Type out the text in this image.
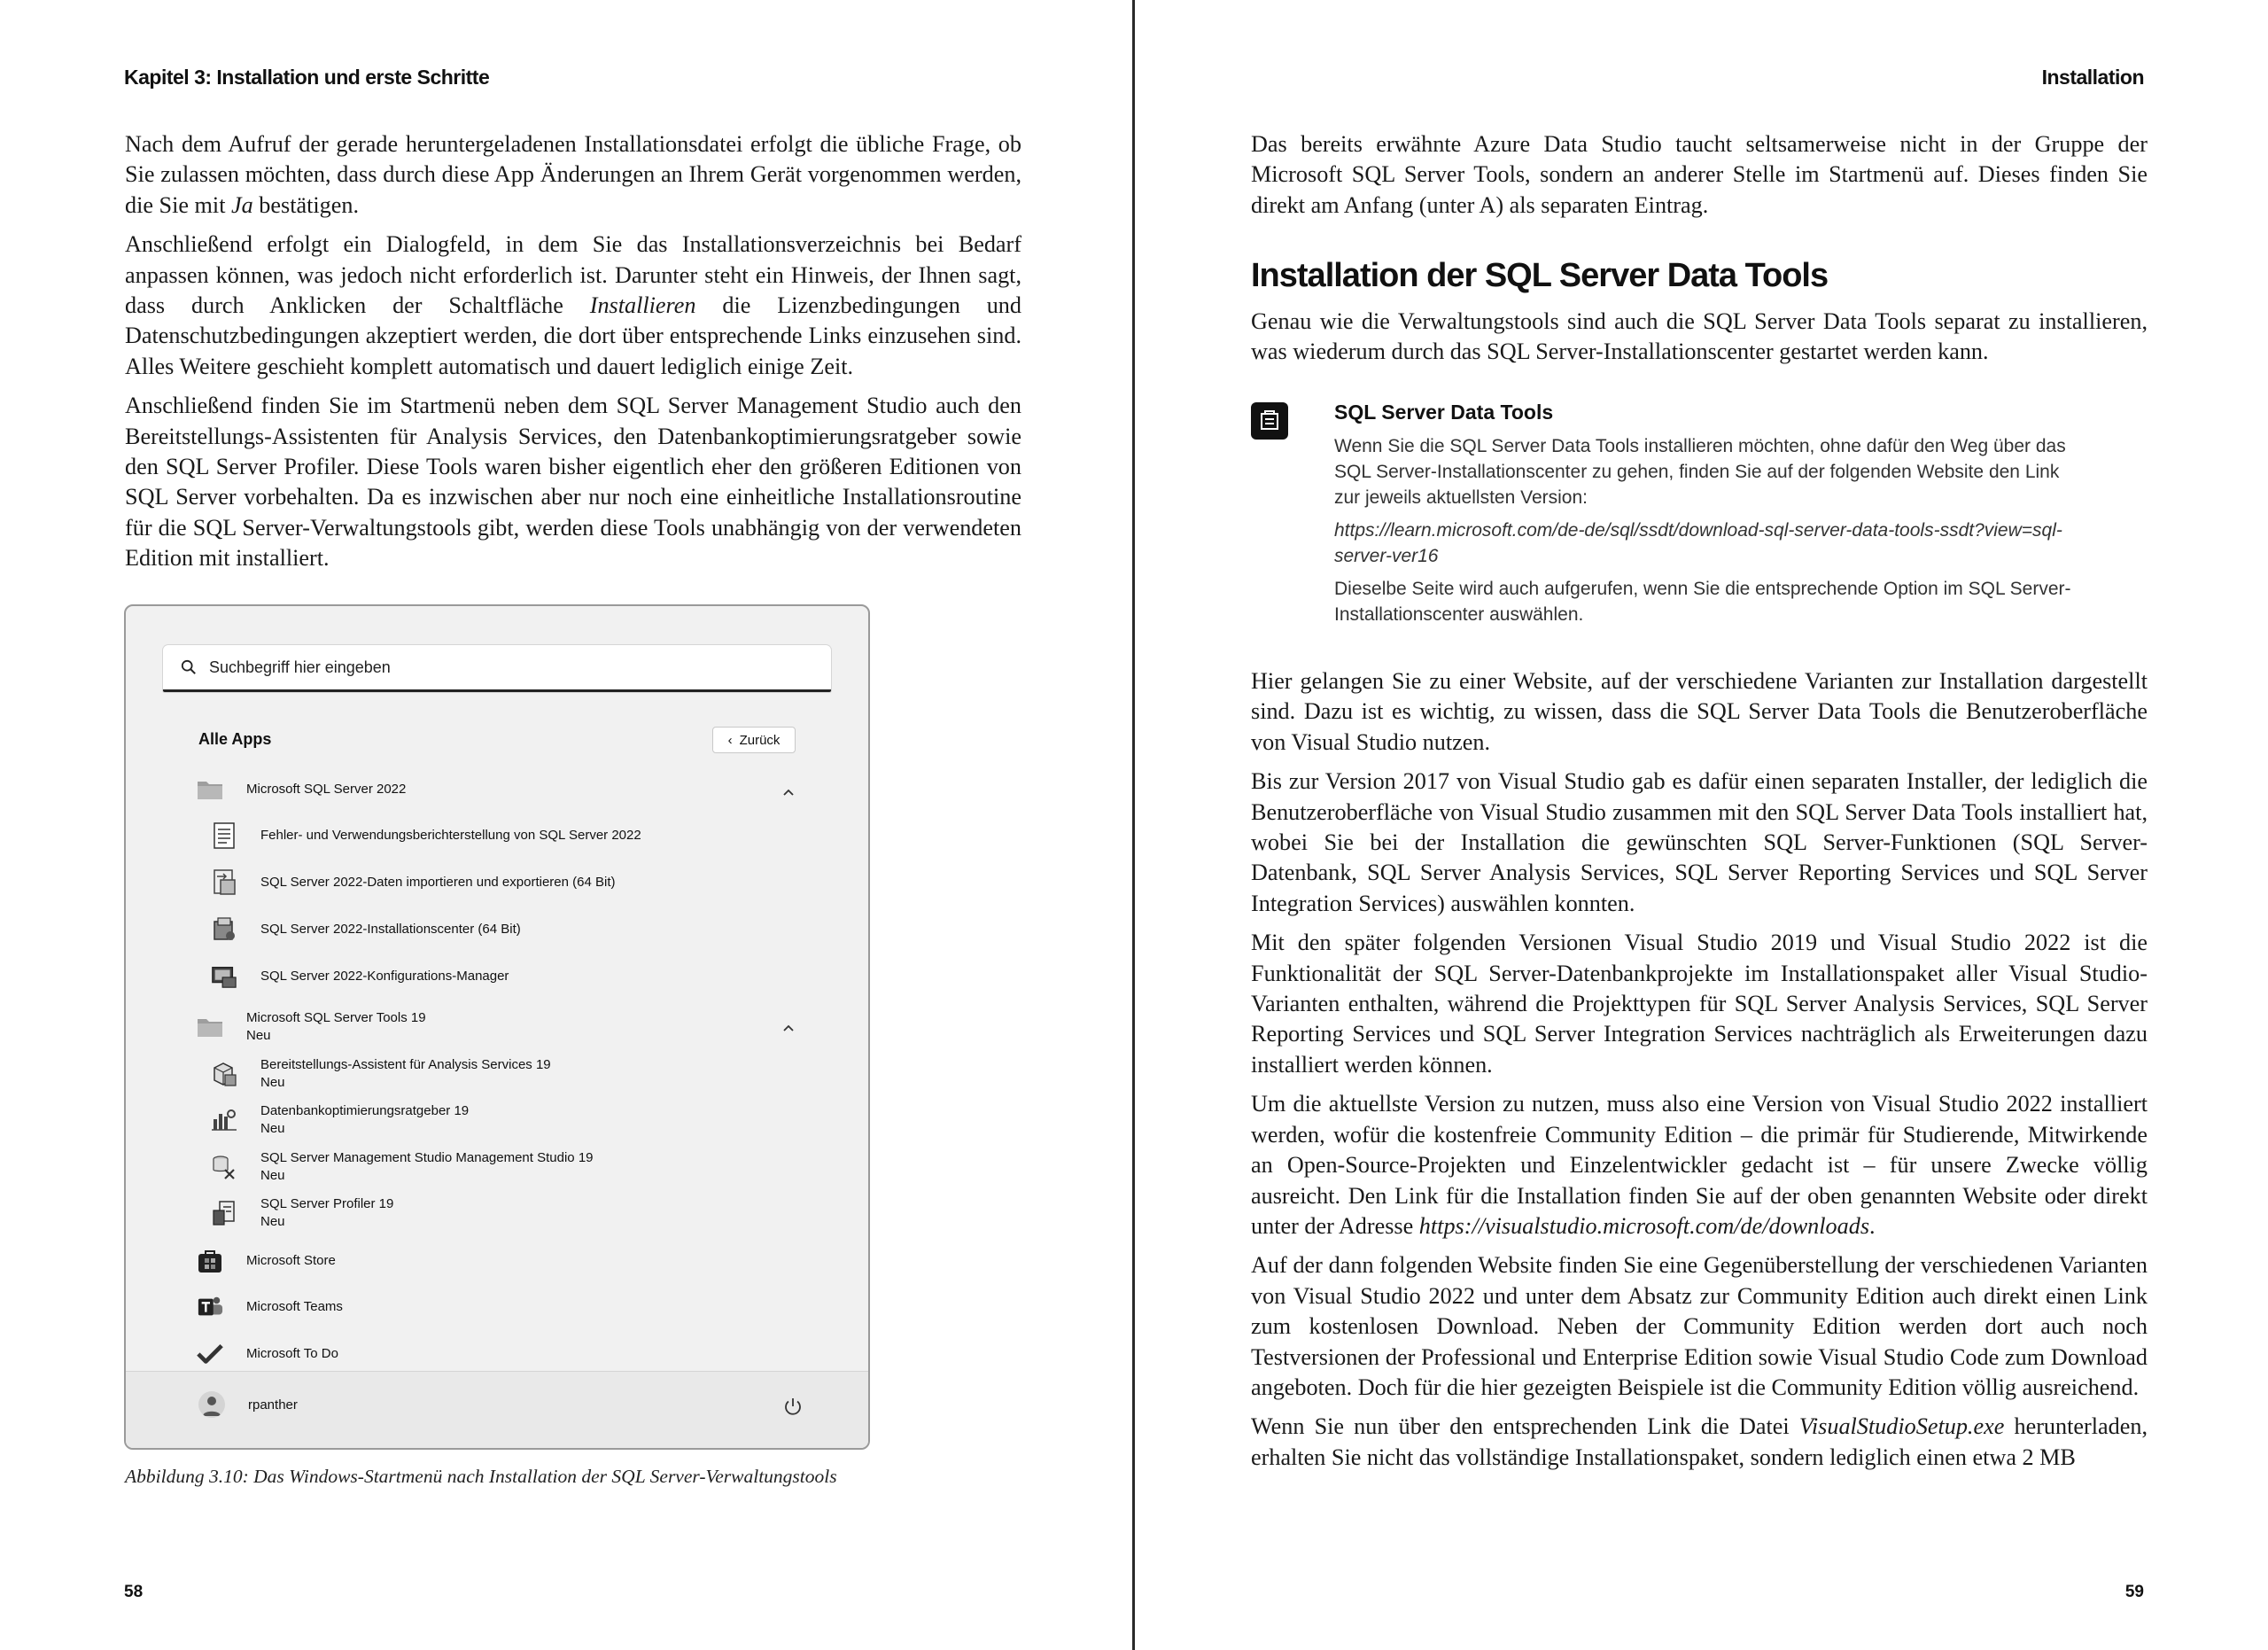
Kapitel 3: Installation und erste Schritte

Nach dem Aufruf der gerade heruntergeladenen Installationsdatei erfolgt die übliche Frage, ob Sie zulassen möchten, dass durch diese App Änderungen an Ihrem Gerät vorgenommen werden, die Sie mit Ja bestätigen.

Anschließend erfolgt ein Dialogfeld, in dem Sie das Installationsverzeichnis bei Bedarf anpassen können, was jedoch nicht erforderlich ist. Darunter steht ein Hinweis, der Ihnen sagt, dass durch Anklicken der Schaltfläche Installieren die Lizenzbedingungen und Datenschutzbedingungen akzeptiert werden, die dort über entsprechende Links einzusehen sind. Alles Weitere geschieht komplett automatisch und dauert lediglich einige Zeit.

Anschließend finden Sie im Startmenü neben dem SQL Server Management Studio auch den Bereitstellungs-Assistenten für Analysis Services, den Datenbankoptimierungsratgeber sowie den SQL Server Profiler. Diese Tools waren bisher eigentlich eher den größeren Editionen von SQL Server vorbehalten. Da es inzwischen aber nur noch eine einheitliche Installationsroutine für die SQL Server-Verwaltungstools gibt, werden diese Tools unabhängig von der verwendeten Edition mit installiert.

Suchbegriff hier eingeben
Alle Apps	‹ Zurück
Microsoft SQL Server 2022
Fehler- und Verwendungsberichterstellung von SQL Server 2022
SQL Server 2022-Daten importieren und exportieren (64 Bit)
SQL Server 2022-Installationscenter (64 Bit)
SQL Server 2022-Konfigurations-Manager
Microsoft SQL Server Tools 19
Neu
Bereitstellungs-Assistent für Analysis Services 19
Neu
Datenbankoptimierungsratgeber 19
Neu
SQL Server Management Studio Management Studio 19
Neu
SQL Server Profiler 19
Neu
Microsoft Store
Microsoft Teams
Microsoft To Do
rpanther
Abbildung 3.10: Das Windows-Startmenü nach Installation der SQL Server-Verwaltungstools
58
Installation

Das bereits erwähnte Azure Data Studio taucht seltsamerweise nicht in der Gruppe der Microsoft SQL Server Tools, sondern an anderer Stelle im Startmenü auf. Dieses finden Sie direkt am Anfang (unter A) als separaten Eintrag.

Installation der SQL Server Data Tools

Genau wie die Verwaltungstools sind auch die SQL Server Data Tools separat zu installieren, was wiederum durch das SQL Server-Installationscenter gestartet werden kann.

SQL Server Data Tools

Wenn Sie die SQL Server Data Tools installieren möchten, ohne dafür den Weg über das SQL Server-Installationscenter zu gehen, finden Sie auf der folgenden Website den Link zur jeweils aktuellsten Version:

https://learn.microsoft.com/de-de/sql/ssdt/download-sql-server-data-tools-ssdt?view=sql-server-ver16

Dieselbe Seite wird auch aufgerufen, wenn Sie die entsprechende Option im SQL Server-Installationscenter auswählen.

Hier gelangen Sie zu einer Website, auf der verschiedene Varianten zur Installation dargestellt sind. Dazu ist es wichtig, zu wissen, dass die SQL Server Data Tools die Benutzeroberfläche von Visual Studio nutzen.

Bis zur Version 2017 von Visual Studio gab es dafür einen separaten Installer, der lediglich die Benutzeroberfläche von Visual Studio zusammen mit den SQL Server Data Tools installiert hat, wobei Sie bei der Installation die gewünschten SQL Server-Funktionen (SQL Server-Datenbank, SQL Server Analysis Services, SQL Server Reporting Services und SQL Server Integration Services) auswählen konnten.

Mit den später folgenden Versionen Visual Studio 2019 und Visual Studio 2022 ist die Funktionalität der SQL Server-Datenbankprojekte im Installationspaket aller Visual Studio-Varianten enthalten, während die Projekttypen für SQL Server Analysis Services, SQL Server Reporting Services und SQL Server Integration Services nachträglich als Erweiterungen dazu installiert werden können.

Um die aktuellste Version zu nutzen, muss also eine Version von Visual Studio 2022 installiert werden, wofür die kostenfreie Community Edition – die primär für Studierende, Mitwirkende an Open-Source-Projekten und Einzelentwickler gedacht ist – für unsere Zwecke völlig ausreicht. Den Link für die Installation finden Sie auf der oben genannten Website oder direkt unter der Adresse https://visualstudio.microsoft.com/de/downloads.

Auf der dann folgenden Website finden Sie eine Gegenüberstellung der verschiedenen Varianten von Visual Studio 2022 und unter dem Absatz zur Community Edition auch direkt einen Link zum kostenlosen Download. Neben der Community Edition werden dort auch noch Testversionen der Professional und Enterprise Edition sowie Visual Studio Code zum Download angeboten. Doch für die hier gezeigten Beispiele ist die Community Edition völlig ausreichend.

Wenn Sie nun über den entsprechenden Link die Datei VisualStudioSetup.exe herunterladen, erhalten Sie nicht das vollständige Installationspaket, sondern lediglich einen etwa 2 MB

59
